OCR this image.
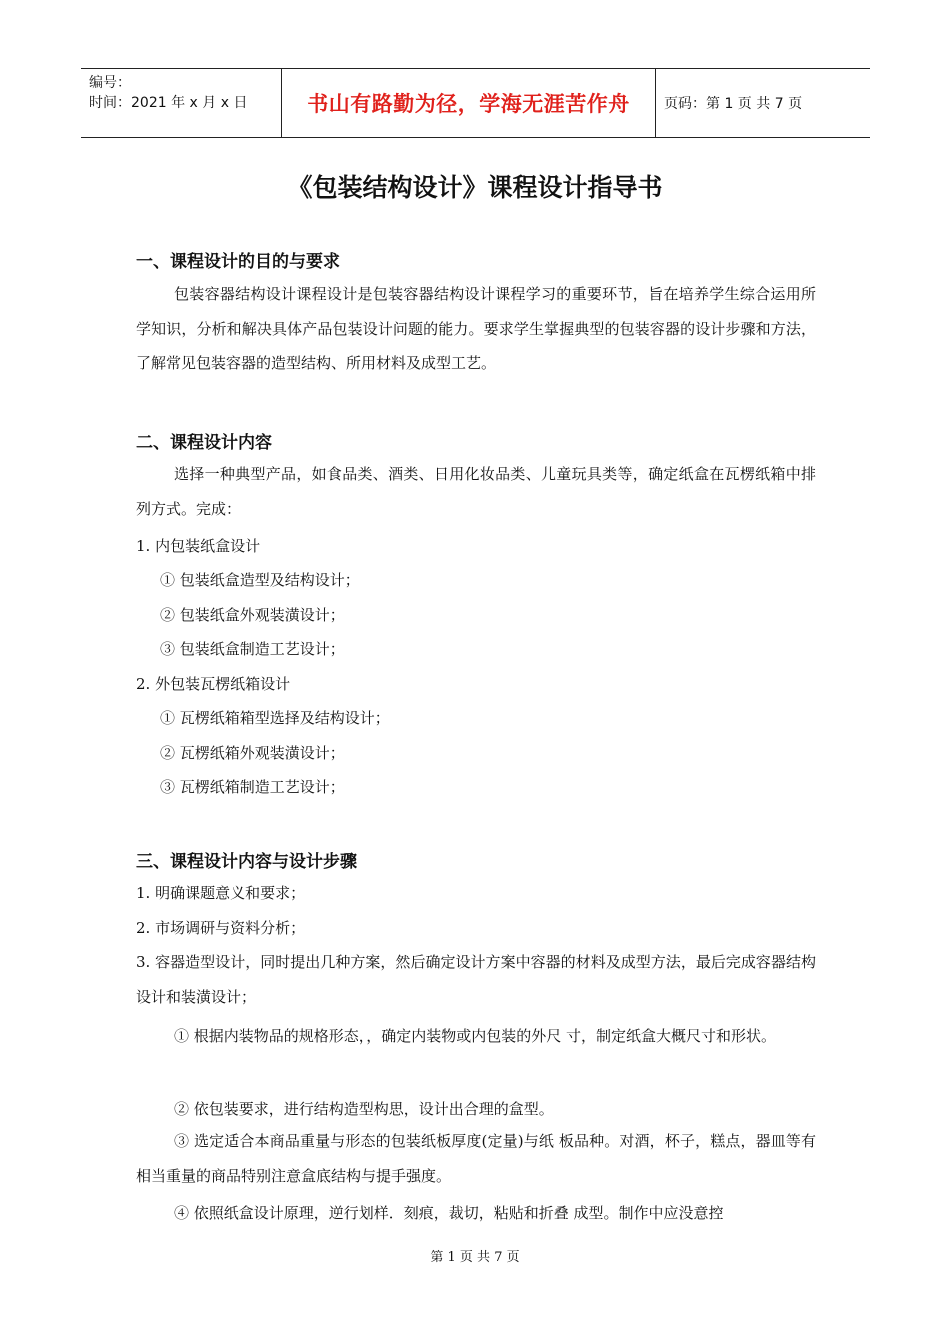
编号：
时间：2021 年 x 月 x 日	书山有路勤为径，学海无涯苦作舟	页码：第 1 页 共 7 页
《包装结构设计》课程设计指导书
一、课程设计的目的与要求
包装容器结构设计课程设计是包装容器结构设计课程学习的重要环节，旨在培养学生综合运用所学知识，分析和解决具体产品包装设计问题的能力。要求学生掌握典型的包装容器的设计步骤和方法，了解常见包装容器的造型结构、所用材料及成型工艺。
二、课程设计内容
选择一种典型产品，如食品类、酒类、日用化妆品类、儿童玩具类等，确定纸盒在瓦楞纸箱中排列方式。完成：
1. 内包装纸盒设计
① 包装纸盒造型及结构设计；
② 包装纸盒外观装潢设计；
③ 包装纸盒制造工艺设计；
2. 外包装瓦楞纸箱设计
① 瓦楞纸箱箱型选择及结构设计；
② 瓦楞纸箱外观装潢设计；
③ 瓦楞纸箱制造工艺设计；
三、课程设计内容与设计步骤
1. 明确课题意义和要求；
2. 市场调研与资料分析；
3. 容器造型设计，同时提出几种方案，然后确定设计方案中容器的材料及成型方法，最后完成容器结构设计和装潢设计；
① 根据内装物品的规格形态，，确定内装物或内包装的外尺 寸，制定纸盒大概尺寸和形状。
② 依包装要求，进行结构造型构思，设计出合理的盒型。
③ 选定适合本商品重量与形态的包装纸板厚度(定量)与纸 板品种。对酒，杯子，糕点，器皿等有相当重量的商品特别注意盒底结构与提手强度。
④ 依照纸盒设计原理，逆行划样．刻痕，裁切，粘贴和折叠 成型。制作中应没意控
第 1 页 共 7 页
